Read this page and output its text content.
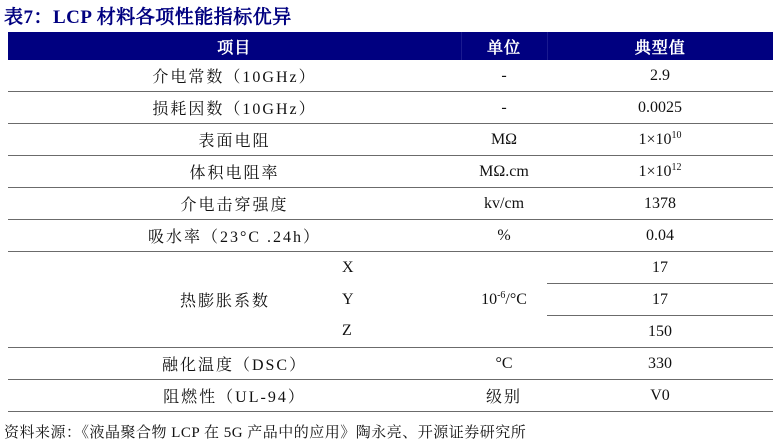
表7：LCP 材料各项性能指标优异
项目		单位	典型值
介电常数（10GHz）		-	2.9
损耗因数（10GHz）		-	0.0025
表面电阻		MΩ	$1\times 10^{10}$
体积电阻率		MΩ.cm	$1\times 10^{12}$
介电击穿强度		kv/cm	1378
吸水率（23°C .24h）		%	0.04
热膨胀系数	X	$10^{-6}/^\circ C$	17
	Y		17
	Z		150
融化温度（DSC）		°C	330
阻燃性（UL-94）		级别	V0
资料来源：《液晶聚合物 LCP 在 5G 产品中的应用》陶永亮、开源证券研究所
